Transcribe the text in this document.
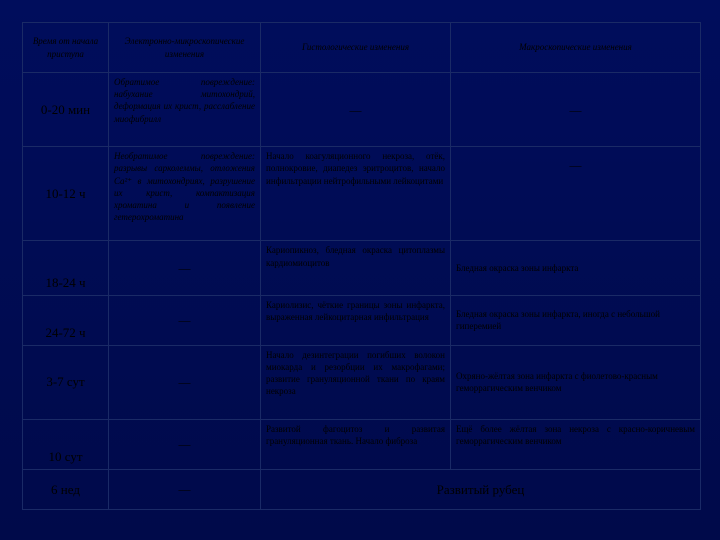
Время от начала приступа	Электронно-микроскопические изменения	Гистологические изменения	Макроскопические изменения
0-20 мин	Обратимое повреждение: набухание митохондрий, деформация их крист, расслабление миофибрилл	—	—
10-12 ч	Необратимое повреждение: разрывы сарколеммы, отложения Ca²⁺ в митохондриях, разрушение их крист, компактизация хроматина и появление гетерохроматина	Начало коагуляционного некроза, отёк, полнокровие, диапедез эритроцитов, начало инфильтрации нейтрофильными лейкоцитами	—
18-24 ч	—	Кариопикноз, бледная окраска цитоплазмы кардиомиоцитов	Бледная окраска зоны инфаркта
24-72 ч	—	Кариолизис, чёткие границы зоны инфаркта, выраженная лейкоцитарная инфильтрация	Бледная окраска зоны инфаркта, иногда с небольшой гиперемией
3-7 сут	—	Начало дезинтеграции погибших волокон миокарда и резорбции их макрофагами; развитие грануляционной ткани по краям некроза	Охряно-жёлтая зона инфаркта с фиолетово-красным геморрагическим венчиком
10 сут	—	Развитой фагоцитоз и развитая грануляционная ткань. Начало фиброза	Ещё более жёлтая зона некроза с красно-коричневым геморрагическим венчиком
6 нед	—	Развитый рубец	
